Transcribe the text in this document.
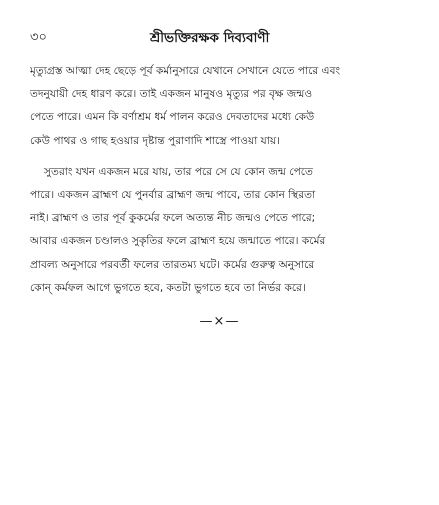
৩০	শ্রীভক্তিরক্ষক দিব্যবাণী

মৃত্যুগ্রস্ত আত্মা দেহ ছেড়ে পূর্ব কর্মানুসারে যেখানে সেখানে যেতে পারে এবং
তদনুযায়ী দেহ ধারণ করে। তাই একজন মানুষও মৃত্যুর পর বৃক্ষ জন্মও
পেতে পারে। এমন কি বর্ণাশ্রম ধর্ম পালন করেও দেবতাদের মধ্যে কেউ
কেউ পাথর ও গাছ হওয়ার দৃষ্টান্ত পুরাণাদি শাস্ত্রে পাওয়া যায়।

সুতরাং যখন একজন মরে যায়, তার পরে সে যে কোন জন্ম পেতে
পারে। একজন ব্রাহ্মণ যে পুনর্বার ব্রাহ্মণ জন্ম পাবে, তার কোন স্থিরতা
নাই। ব্রাহ্মণ ও তার পূর্ব কুকর্মের ফলে অত্যন্ত নীচ জন্মও পেতে পারে;
আবার একজন চণ্ডালও সুকৃতির ফলে ব্রাহ্মণ হয়ে জন্মাতে পারে। কর্মের
প্রাবল্য অনুসারে পরবর্তী ফলের তারতম্য ঘটে। কর্মের গুরুত্ব অনুসারে
কোন্ কর্মফল আগে ভুগতে হবে, কতটা ভুগতে হবে তা নির্ভর করে।

—×—
